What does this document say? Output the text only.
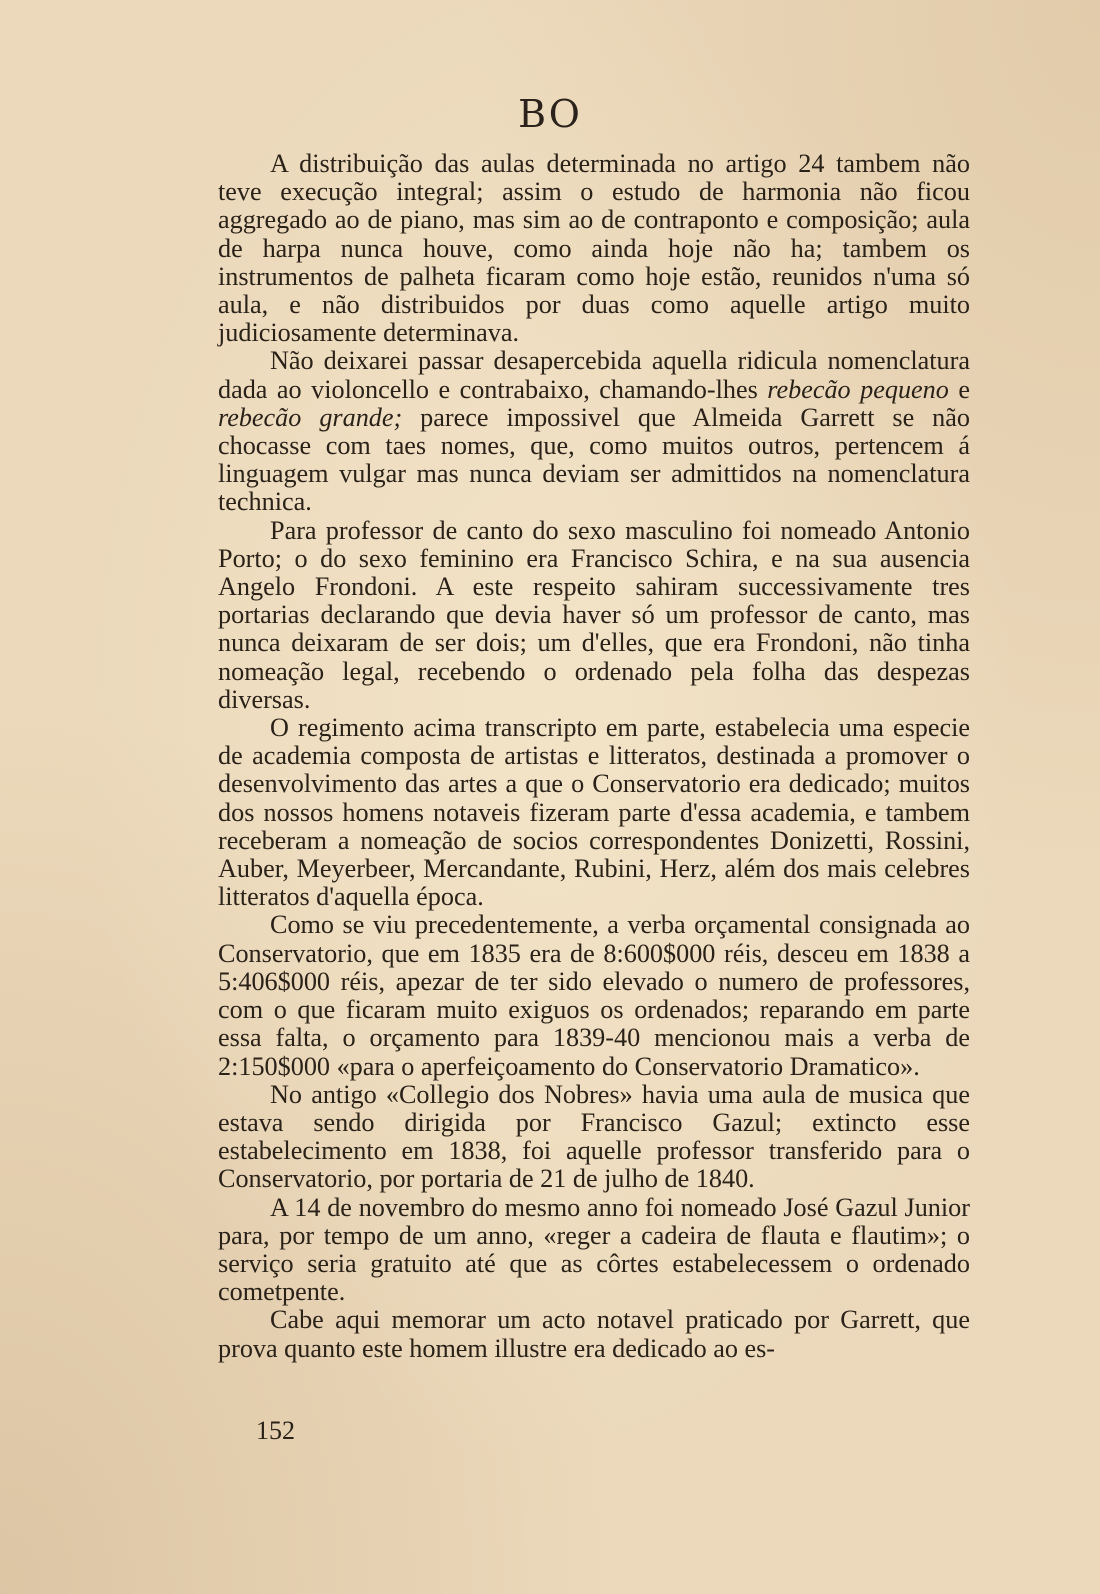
BO

A distribuição das aulas determinada no artigo 24 tambem não teve execução integral; assim o estudo de harmonia não ficou aggregado ao de piano, mas sim ao de contraponto e composição; aula de harpa nunca houve, como ainda hoje não ha; tambem os instrumentos de palheta ficaram como hoje estão, reunidos n'uma só aula, e não distribuidos por duas como aquelle artigo muito judiciosamente determinava.

Não deixarei passar desapercebida aquella ridicula nomenclatura dada ao violoncello e contrabaixo, chamando-lhes rebecão pequeno e rebecão grande; parece impossivel que Almeida Garrett se não chocasse com taes nomes, que, como muitos outros, pertencem á linguagem vulgar mas nunca deviam ser admittidos na nomenclatura technica.

Para professor de canto do sexo masculino foi nomeado Antonio Porto; o do sexo feminino era Francisco Schira, e na sua ausencia Angelo Frondoni. A este respeito sahiram successivamente tres portarias declarando que devia haver só um professor de canto, mas nunca deixaram de ser dois; um d'elles, que era Frondoni, não tinha nomeação legal, recebendo o ordenado pela folha das despezas diversas.

O regimento acima transcripto em parte, estabelecia uma especie de academia composta de artistas e litteratos, destinada a promover o desenvolvimento das artes a que o Conservatorio era dedicado; muitos dos nossos homens notaveis fizeram parte d'essa academia, e tambem receberam a nomeação de socios correspondentes Donizetti, Rossini, Auber, Meyerbeer, Mercandante, Rubini, Herz, além dos mais celebres litteratos d'aquella época.

Como se viu precedentemente, a verba orçamental consignada ao Conservatorio, que em 1835 era de 8:600$000 réis, desceu em 1838 a 5:406$000 réis, apezar de ter sido elevado o numero de professores, com o que ficaram muito exiguos os ordenados; reparando em parte essa falta, o orçamento para 1839-40 mencionou mais a verba de 2:150$000 «para o aperfeiçoamento do Conservatorio Dramatico».

No antigo «Collegio dos Nobres» havia uma aula de musica que estava sendo dirigida por Francisco Gazul; extincto esse estabelecimento em 1838, foi aquelle professor transferido para o Conservatorio, por portaria de 21 de julho de 1840.

A 14 de novembro do mesmo anno foi nomeado José Gazul Junior para, por tempo de um anno, «reger a cadeira de flauta e flautim»; o serviço seria gratuito até que as côrtes estabelecessem o ordenado cometpente.

Cabe aqui memorar um acto notavel praticado por Garrett, que prova quanto este homem illustre era dedicado ao es-

152
